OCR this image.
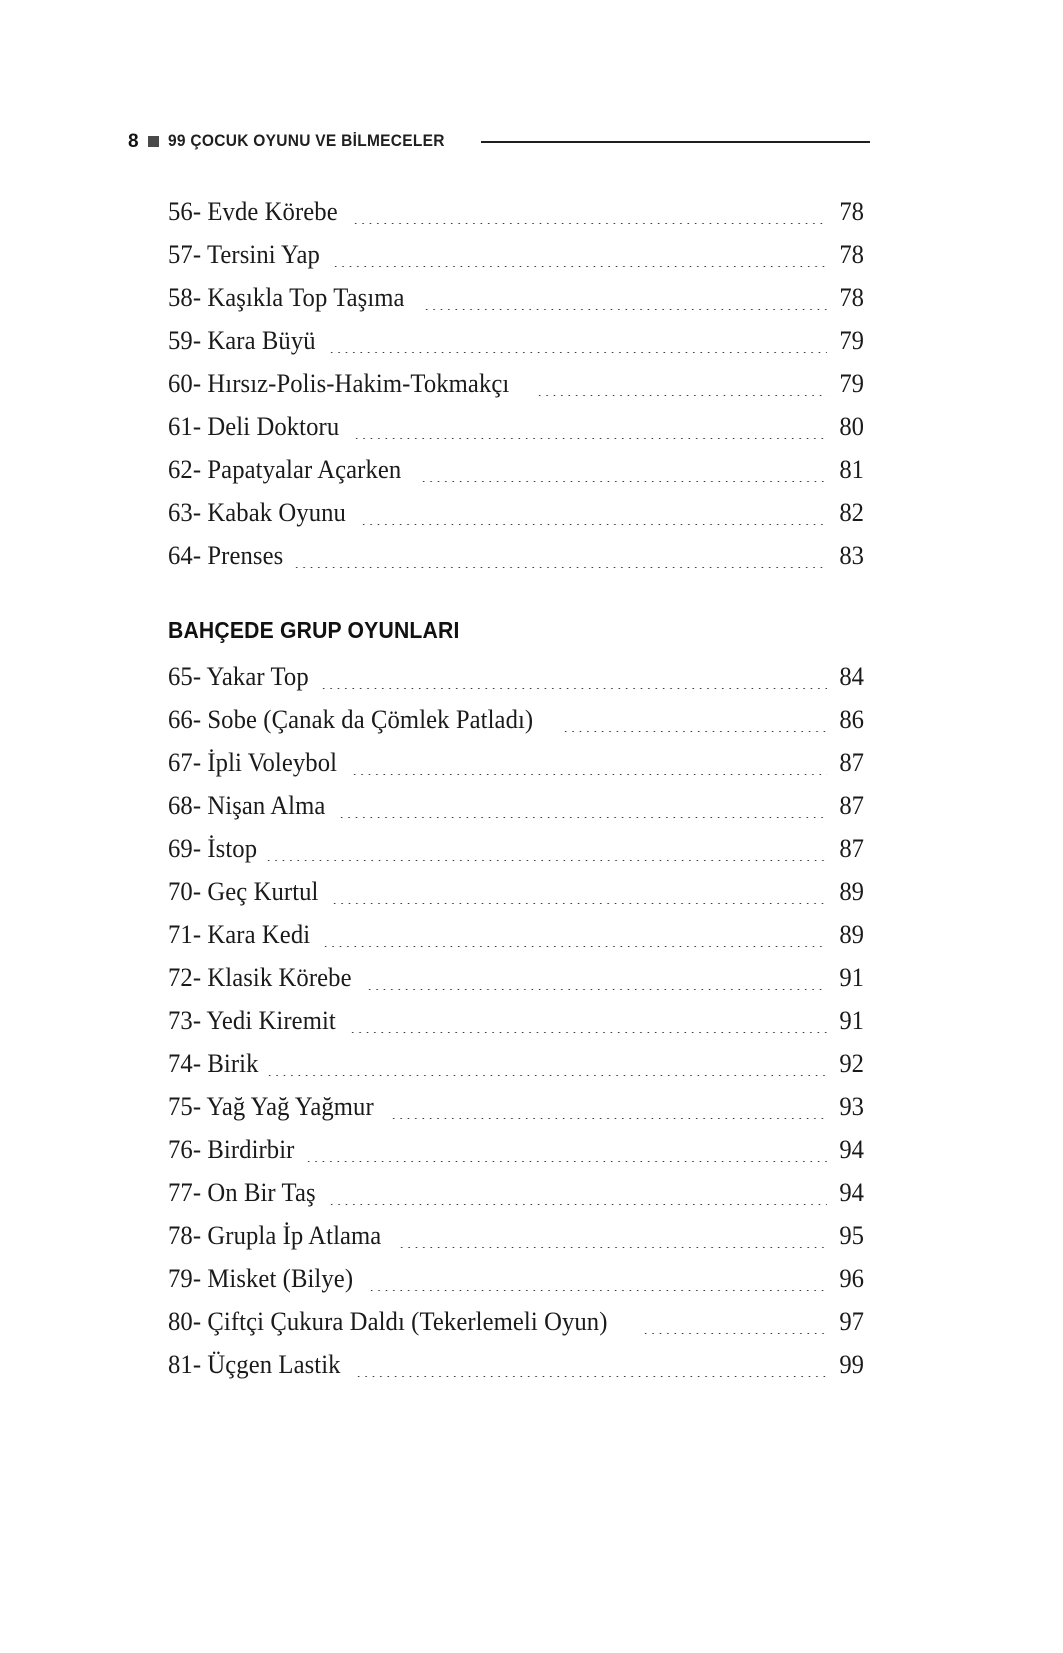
8 99 ÇOCUK OYUNU VE BİLMECELER
56- Evde Körebe	78
57- Tersini Yap	78
58- Kaşıkla Top Taşıma	78
59- Kara Büyü	79
60- Hırsız-Polis-Hakim-Tokmakçı	79
61- Deli Doktoru	80
62- Papatyalar Açarken	81
63- Kabak Oyunu	82
64- Prenses	83
BAHÇEDE GRUP OYUNLARI
65- Yakar Top	84
66- Sobe (Çanak da Çömlek Patladı)	86
67- İpli Voleybol	87
68- Nişan Alma	87
69- İstop	87
70- Geç Kurtul	89
71- Kara Kedi	89
72- Klasik Körebe	91
73- Yedi Kiremit	91
74- Birik	92
75- Yağ Yağ Yağmur	93
76- Birdirbir	94
77- On Bir Taş	94
78- Grupla İp Atlama	95
79- Misket (Bilye)	96
80- Çiftçi Çukura Daldı (Tekerlemeli Oyun)	97
81- Üçgen Lastik	99
